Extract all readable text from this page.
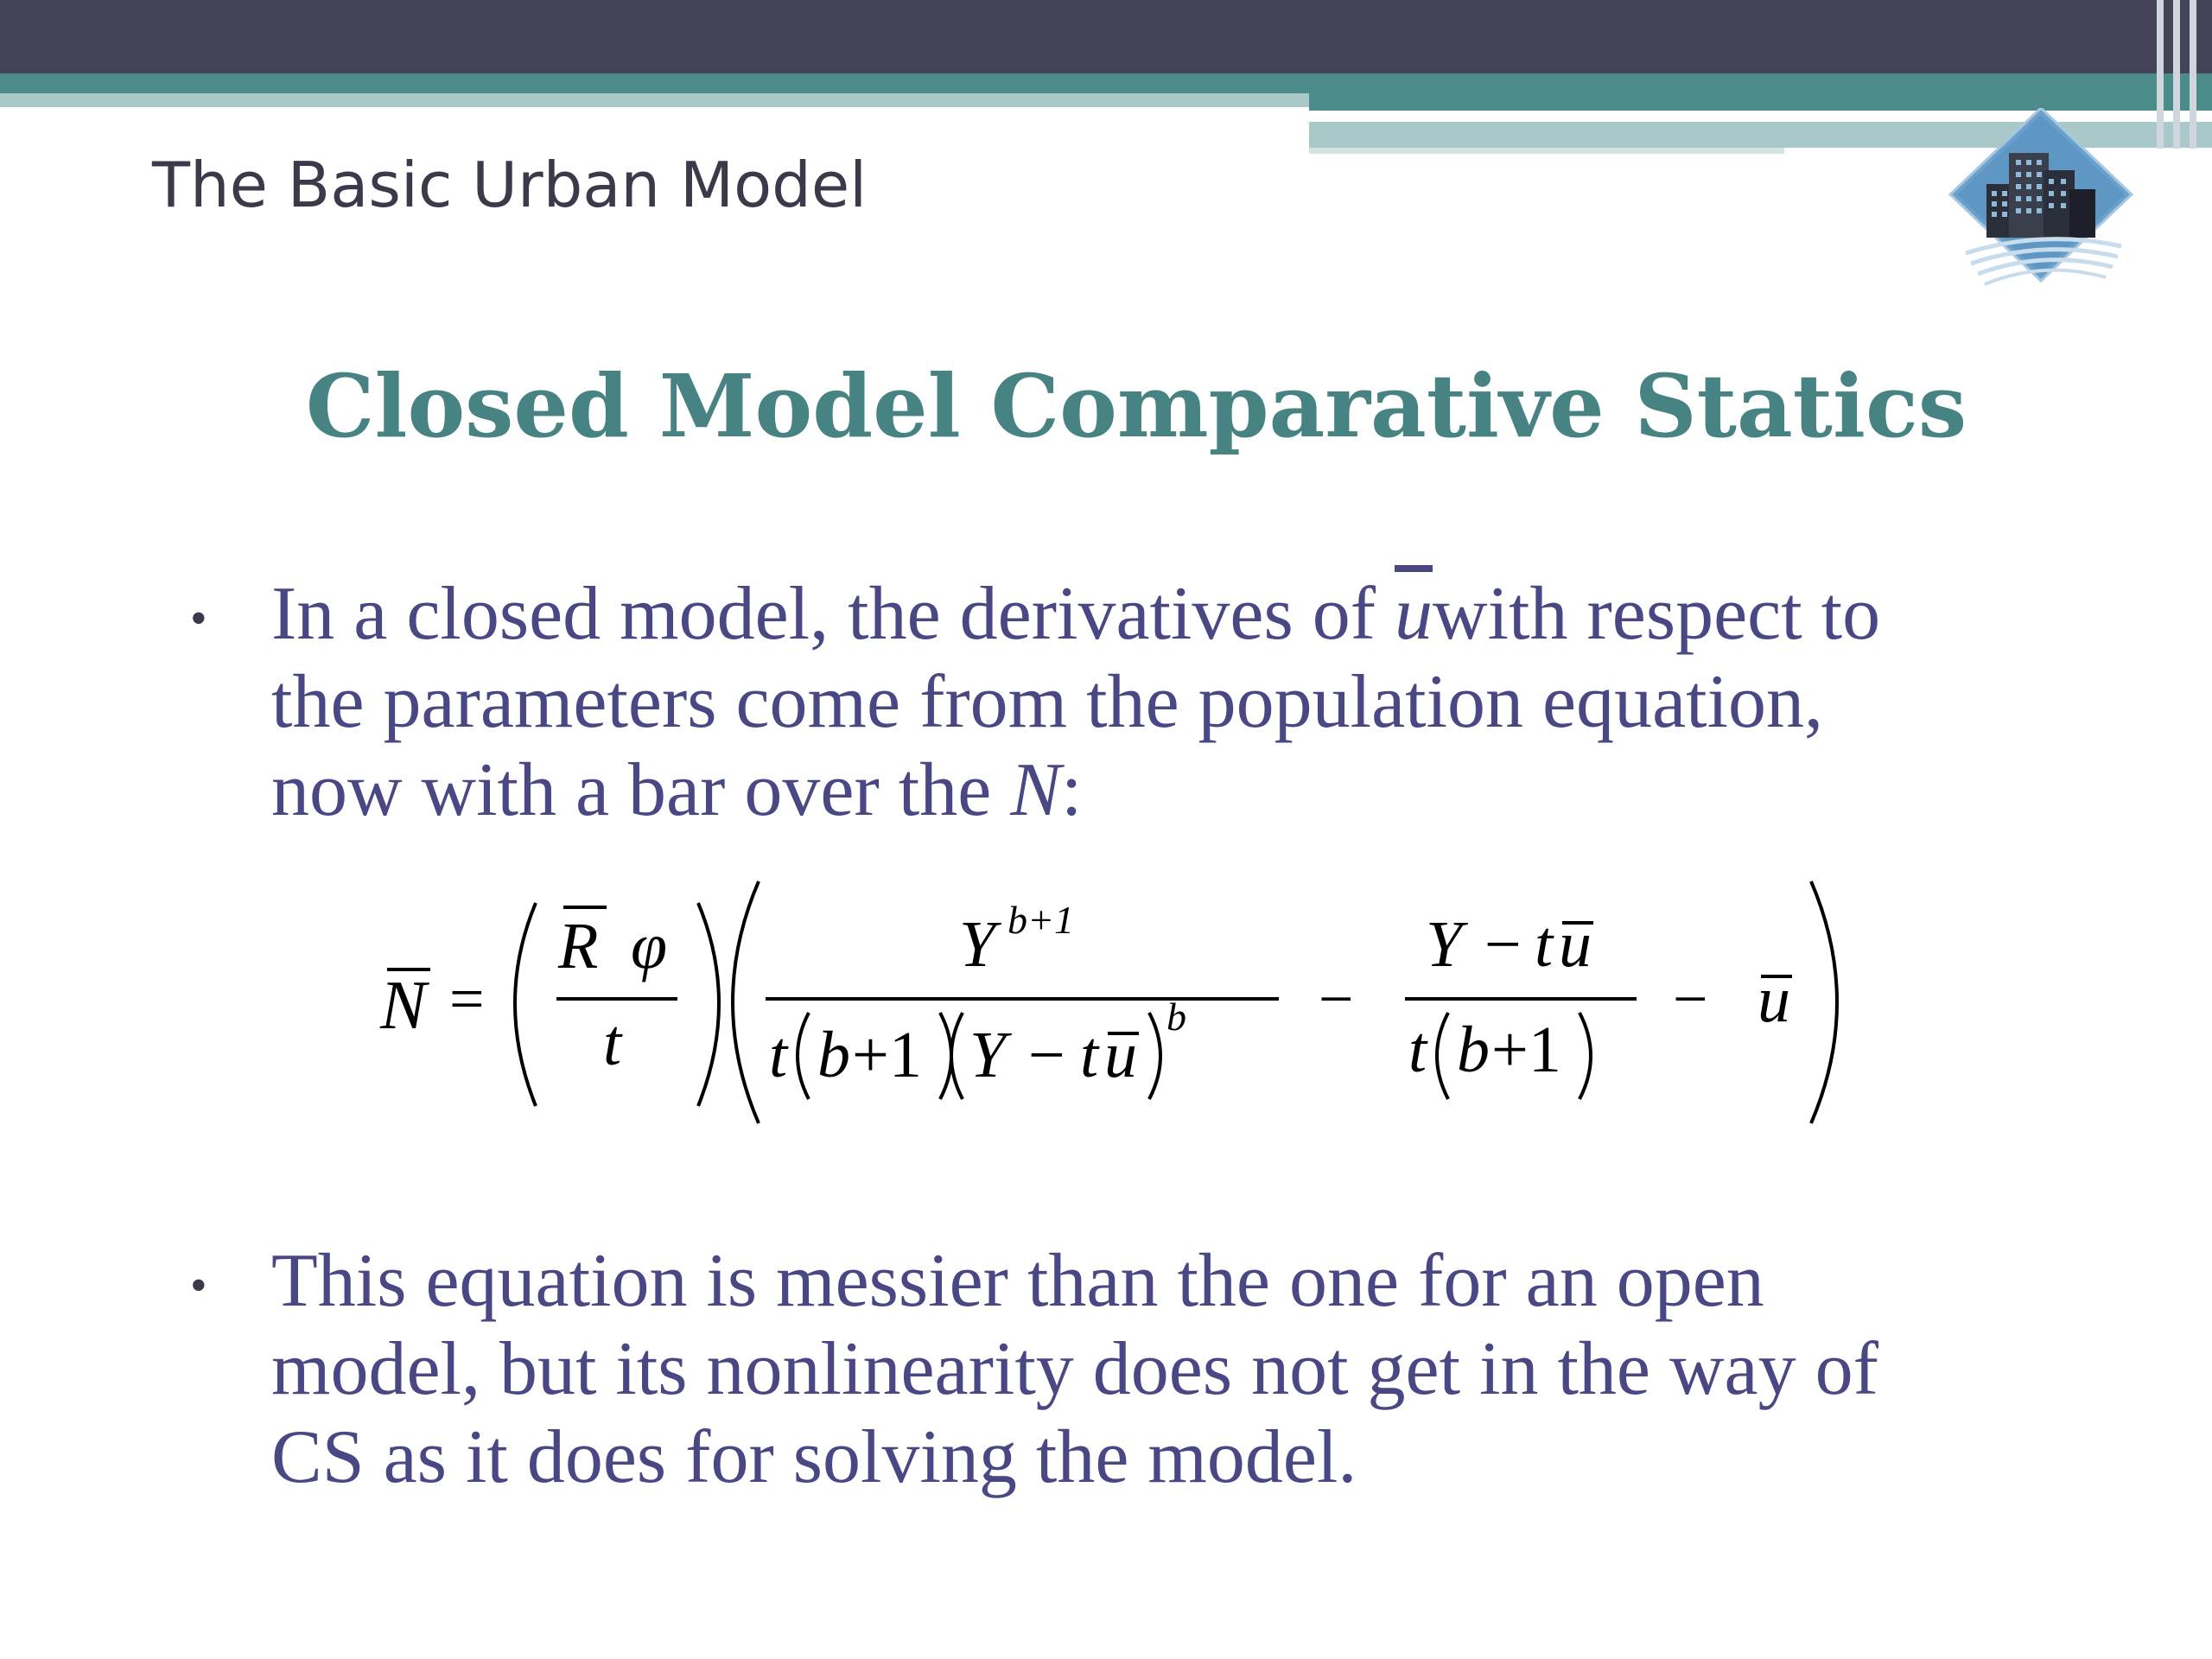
The Basic Urban Model
Closed Model Comparative Statics
• In a closed model, the derivatives of $\overline{u}with$ respect to
the parameters come from the population equation,
now with a bar over the N:
N =
R φ
t
Y b+1
t b +1 Y − t u
b −
Y − t u
t b +1
− u
• This equation is messier than the one for an open
model, but its nonlinearity does not get in the way of
CS as it does for solving the model.
